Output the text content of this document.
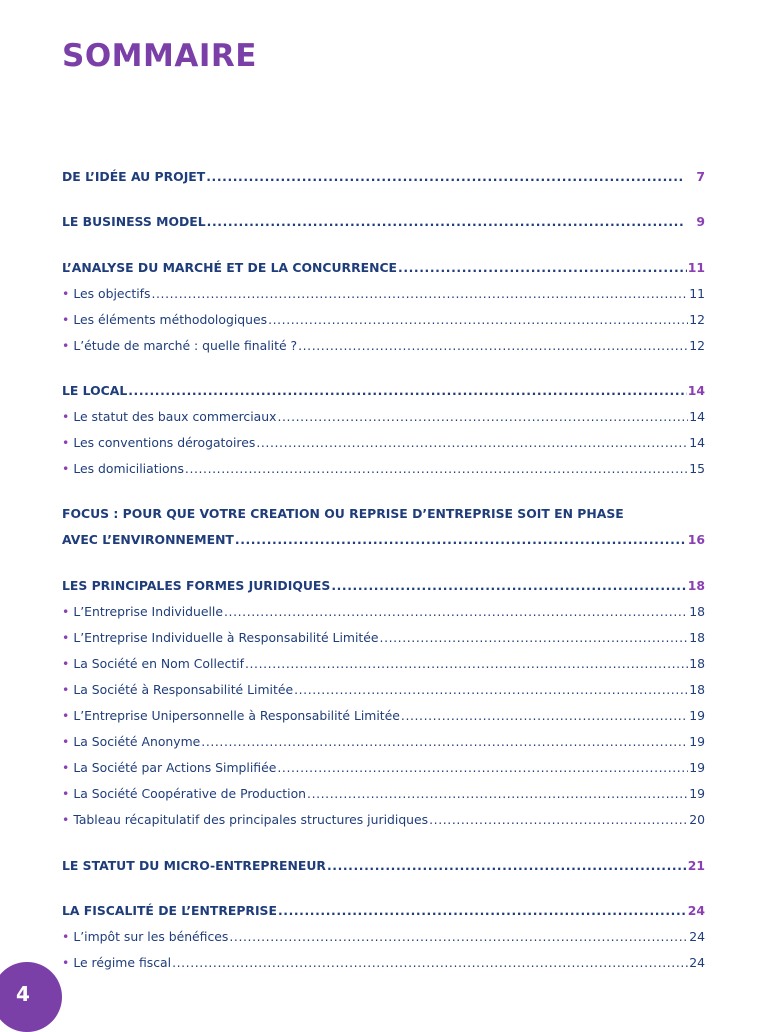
SOMMAIRE
DE L’IDÉE AU PROJET .....	7
LE BUSINESS MODEL .....	9
L’ANALYSE DU MARCHÉ ET DE LA CONCURRENCE .....	11
• Les objectifs .....	11
• Les éléments méthodologiques .....	12
• L’étude de marché : quelle finalité ? .....	12
LE LOCAL .....	14
• Le statut des baux commerciaux .....	14
• Les conventions dérogatoires .....	14
• Les domiciliations .....	15
FOCUS : POUR QUE VOTRE CREATION OU REPRISE D’ENTREPRISE SOIT EN PHASE
AVEC L’ENVIRONNEMENT .....	16
LES PRINCIPALES FORMES JURIDIQUES .....	18
• L’Entreprise Individuelle .....	18
• L’Entreprise Individuelle à Responsabilité Limitée .....	18
• La Société en Nom Collectif .....	18
• La Société à Responsabilité Limitée .....	18
• L’Entreprise Unipersonnelle à Responsabilité Limitée .....	19
• La Société Anonyme .....	19
• La Société par Actions Simplifiée .....	19
• La Société Coopérative de Production .....	19
• Tableau récapitulatif des principales structures juridiques .....	20
LE STATUT DU MICRO-ENTREPRENEUR .....	21
LA FISCALITÉ DE L’ENTREPRISE .....	24
• L’impôt sur les bénéfices .....	24
• Le régime fiscal .....	24
4
